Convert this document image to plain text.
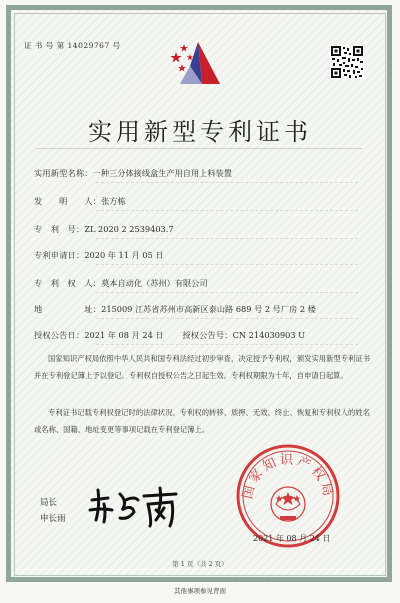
证 书 号 第 14029767 号
实用新型专利证书
实用新型名称：一种三分体接线盒生产用自用上料装置
发　　明　　人：张方栋
专　利　号：ZL 2020 2 2539403.7
专利申请日：2020 年 11 月 05 日
专　利　权　人：莫本自动化（苏州）有限公司
地　　　　　址：215009 江苏省苏州市高新区泰山路 689 号 2 号厂房 2 楼
授权公告日：2021 年 08 月 24 日 授权公告号：CN 214030903 U
国家知识产权局依照中华人民共和国专利法经过初步审查，决定授予专利权，颁发实用新型专利证书并在专利登记簿上予以登记。专利权自授权公告之日起生效。专利权期限为十年，自申请日起算。
专利证书记载专利权登记时的法律状况。专利权的转移、质押、无效、终止、恢复和专利权人的姓名或名称、国籍、地址变更等事项记载在专利登记簿上。
局长
申长雨
国家知识产权局
2021 年 08 月 24 日
第 1 页（共 2 页）
其他事项参见背面
